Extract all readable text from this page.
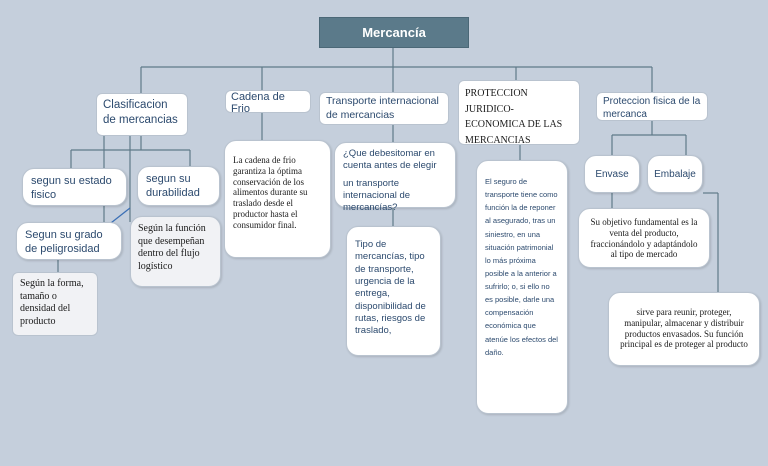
Mercancía
Clasificacion de mercancias
segun su estado fisico
segun su durabilidad
Segun su grado de peligrosidad
Según la forma, tamaño o densidad del producto
Según la función que desempeñan dentro del flujo logístico
Cadena de Frio
La cadena de frio garantiza la óptima conservación de los alimentos durante su traslado desde el productor hasta el consumidor final.
Transporte internacional de mercancias
¿Que debesitomar en cuenta antes de elegir
un transporte internacional de mercancías?
Tipo de mercancías, tipo de transporte, urgencia de la entrega, disponibilidad de rutas, riesgos de traslado,
PROTECCION JURIDICO-ECONOMICA DE LAS MERCANCIAS
El seguro de transporte tiene como función la de reponer al asegurado, tras un siniestro, en una situación patrimonial lo más próxima posible a la anterior a sufrirlo; o, si ello no es posible, darle una compensación económica que atenúe los efectos del daño.
Proteccion fisica de la mercanca
Envase	Embalaje
Su objetivo fundamental es la venta del producto, fraccionándolo y adaptándolo al tipo de mercado
sirve para reunir, proteger, manipular, almacenar y distribuir productos envasados. Su función principal es de proteger al producto
